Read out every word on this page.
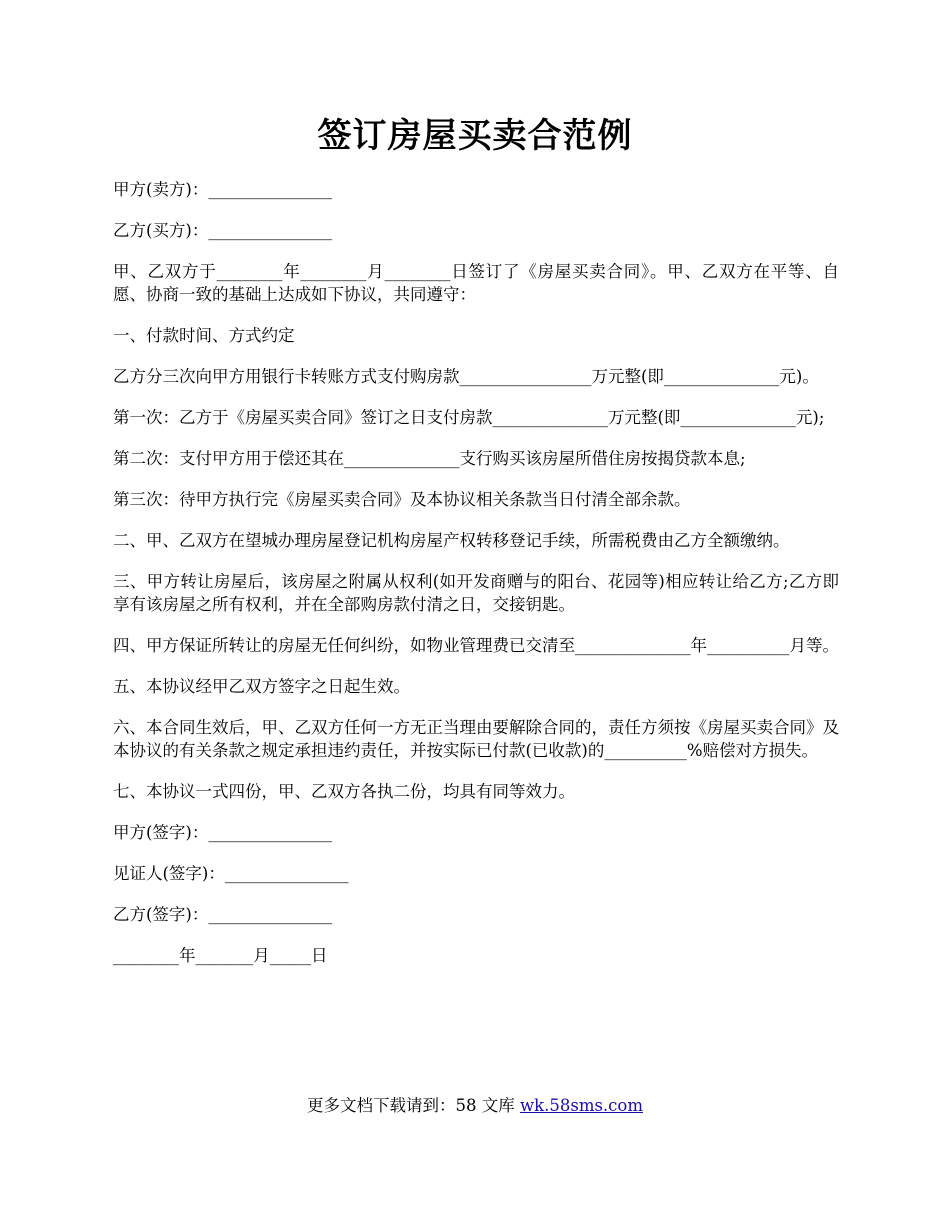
签订房屋买卖合范例

甲方(卖方)：_______________

乙方(买方)：_______________

甲、乙双方于________年________月________日签订了《房屋买卖合同》。甲、乙双方在平等、自愿、协商一致的基础上达成如下协议，共同遵守：

一、付款时间、方式约定

乙方分三次向甲方用银行卡转账方式支付购房款________________万元整(即______________元)。

第一次：乙方于《房屋买卖合同》签订之日支付房款______________万元整(即______________元);

第二次：支付甲方用于偿还其在______________支行购买该房屋所借住房按揭贷款本息;

第三次：待甲方执行完《房屋买卖合同》及本协议相关条款当日付清全部余款。

二、甲、乙双方在望城办理房屋登记机构房屋产权转移登记手续，所需税费由乙方全额缴纳。

三、甲方转让房屋后，该房屋之附属从权利(如开发商赠与的阳台、花园等)相应转让给乙方;乙方即享有该房屋之所有权利，并在全部购房款付清之日，交接钥匙。

四、甲方保证所转让的房屋无任何纠纷，如物业管理费已交清至______________年__________月等。

五、本协议经甲乙双方签字之日起生效。

六、本合同生效后，甲、乙双方任何一方无正当理由要解除合同的，责任方须按《房屋买卖合同》及本协议的有关条款之规定承担违约责任，并按实际已付款(已收款)的__________%赔偿对方损失。

七、本协议一式四份，甲、乙双方各执二份，均具有同等效力。

甲方(签字)：_______________

见证人(签字)：_______________

乙方(签字)：_______________

________年_______月_____日

更多文档下载请到：58 文库 wk.58sms.com
